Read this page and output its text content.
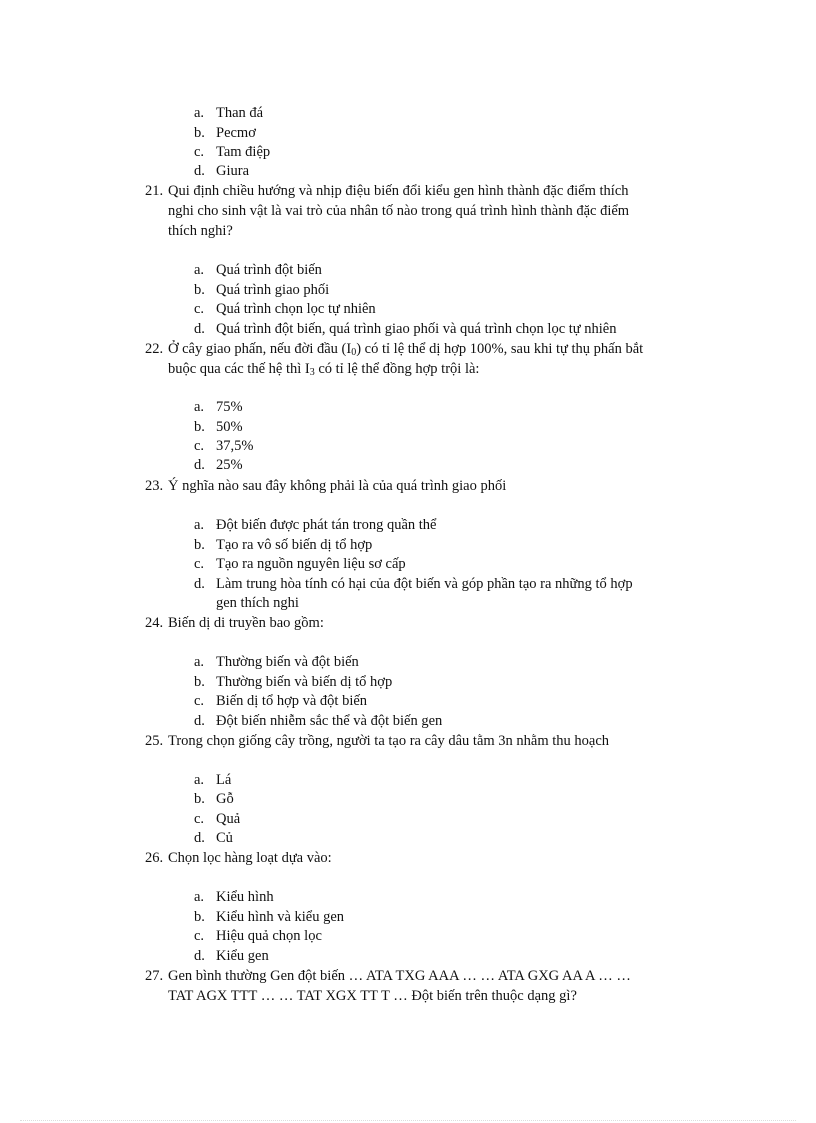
a. Than đá
b. Pecmơ
c. Tam điệp
d. Giura
21. Qui định chiều hướng và nhịp điệu biến đổi kiểu gen hình thành đặc điểm thích
nghi cho sinh vật là vai trò của nhân tố nào trong quá trình hình thành đặc điểm
thích nghi?
a. Quá trình đột biến
b. Quá trình giao phối
c. Quá trình chọn lọc tự nhiên
d. Quá trình đột biến, quá trình giao phối và quá trình chọn lọc tự nhiên
22. Ở cây giao phấn, nếu đời đầu $(I_0)$ có tỉ lệ thể dị hợp 100%, sau khi tự thụ phấn bắt
buộc qua các thế hệ thì $I_3$ có tỉ lệ thể đồng hợp trội là:
a. 75%
b. 50%
c. 37,5%
d. 25%
23. Ý nghĩa nào sau đây không phải là của quá trình giao phối
a. Đột biến được phát tán trong quần thể
b. Tạo ra vô số biến dị tổ hợp
c. Tạo ra nguồn nguyên liệu sơ cấp
d. Làm trung hòa tính có hại của đột biến và góp phần tạo ra những tổ hợp
gen thích nghi
24. Biến dị di truyền bao gồm:
a. Thường biến và đột biến
b. Thường biến và biến dị tổ hợp
c. Biến dị tổ hợp và đột biến
d. Đột biến nhiễm sắc thể và đột biến gen
25. Trong chọn giống cây trồng, người ta tạo ra cây dâu tằm 3n nhằm thu hoạch
a. Lá
b. Gỗ
c. Quả
d. Củ
26. Chọn lọc hàng loạt dựa vào:
a. Kiểu hình
b. Kiểu hình và kiểu gen
c. Hiệu quả chọn lọc
d. Kiểu gen
27. Gen bình thường Gen đột biến … ATA TXG AAA … … ATA GXG AA A … …
TAT AGX TTT … … TAT XGX TT T … Đột biến trên thuộc dạng gì?
